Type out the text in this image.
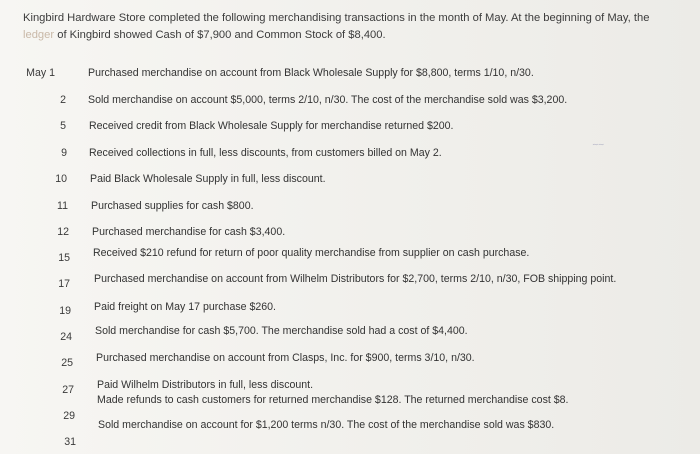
Kingbird Hardware Store completed the following merchandising transactions in the month of May. At the beginning of May, the
ledger of Kingbird showed Cash of $7,900 and Common Stock of $8,400.
May 1	Purchased merchandise on account from Black Wholesale Supply for $8,800, terms 1/10, n/30.
2 Sold merchandise on account $5,000, terms 2/10, n/30. The cost of the merchandise sold was $3,200.
5 Received credit from Black Wholesale Supply for merchandise returned $200.
9 Received collections in full, less discounts, from customers billed on May 2.
10 Paid Black Wholesale Supply in full, less discount.
11 Purchased supplies for cash $800.
12 Purchased merchandise for cash $3,400.
15 Received $210 refund for return of poor quality merchandise from supplier on cash purchase.
17 Purchased merchandise on account from Wilhelm Distributors for $2,700, terms 2/10, n/30, FOB shipping point.
19 Paid freight on May 17 purchase $260.
24 Sold merchandise for cash $5,700. The merchandise sold had a cost of $4,400.
25 Purchased merchandise on account from Clasps, Inc. for $900, terms 3/10, n/30.
27 Paid Wilhelm Distributors in full, less discount.
29
Made refunds to cash customers for returned merchandise $128. The returned merchandise cost $8.
31
Sold merchandise on account for $1,200 terms n/30. The cost of the merchandise sold was $830.
∼∼
